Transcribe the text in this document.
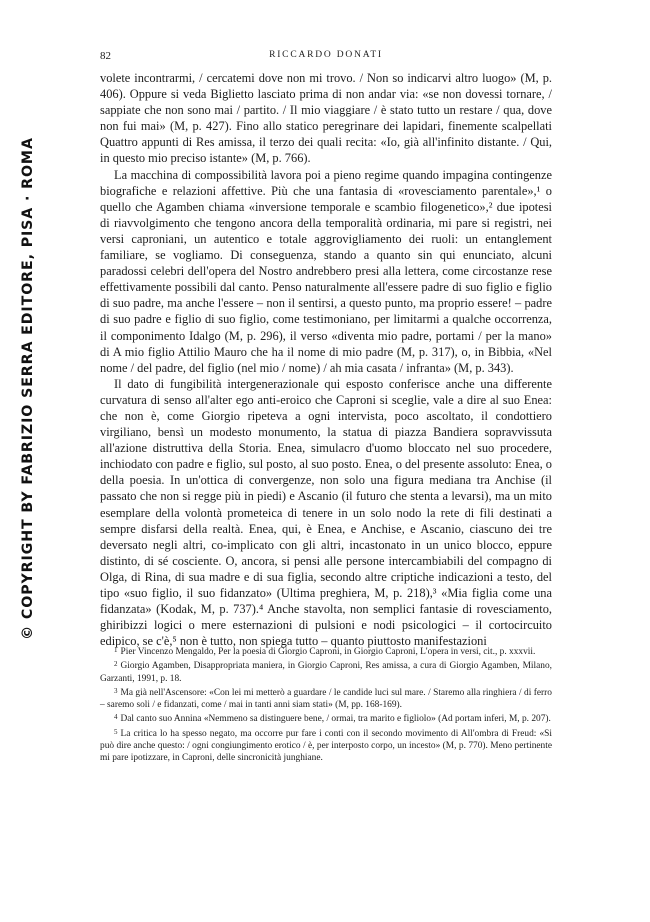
82	RICCARDO DONATI

volete incontrarmi, / cercatemi dove non mi trovo. / Non so indicarvi altro luogo» (M, p. 406). Oppure si veda Biglietto lasciato prima di non andar via: «se non dovessi tornare, / sappiate che non sono mai / partito. / Il mio viaggiare / è stato tutto un restare / qua, dove non fui mai» (M, p. 427). Fino allo statico peregrinare dei lapidari, finemente scalpellati Quattro appunti di Res amissa, il terzo dei quali recita: «Io, già all'infinito distante. / Qui, in questo mio preciso istante» (M, p. 766).

La macchina di compossibilità lavora poi a pieno regime quando impagina contingenze biografiche e relazioni affettive. Più che una fantasia di «rovesciamento parentale»,¹ o quello che Agamben chiama «inversione temporale e scambio filogenetico»,² due ipotesi di riavvolgimento che tengono ancora della temporalità ordinaria, mi pare si registri, nei versi caproniani, un autentico e totale aggrovigliamento dei ruoli: un entanglement familiare, se vogliamo. Di conseguenza, stando a quanto sin qui enunciato, alcuni paradossi celebri dell'opera del Nostro andrebbero presi alla lettera, come circostanze rese effettivamente possibili dal canto. Penso naturalmente all'essere padre di suo figlio e figlio di suo padre, ma anche l'essere – non il sentirsi, a questo punto, ma proprio essere! – padre di suo padre e figlio di suo figlio, come testimoniano, per limitarmi a qualche occorrenza, il componimento Idalgo (M, p. 296), il verso «diventa mio padre, portami / per la mano» di A mio figlio Attilio Mauro che ha il nome di mio padre (M, p. 317), o, in Bibbia, «Nel nome / del padre, del figlio (nel mio / nome) / ah mia casata / infranta» (M, p. 343).

Il dato di fungibilità intergenerazionale qui esposto conferisce anche una differente curvatura di senso all'alter ego anti-eroico che Caproni si sceglie, vale a dire al suo Enea: che non è, come Giorgio ripeteva a ogni intervista, poco ascoltato, il condottiero virgiliano, bensì un modesto monumento, la statua di piazza Bandiera sopravvissuta all'azione distruttiva della Storia. Enea, simulacro d'uomo bloccato nel suo procedere, inchiodato con padre e figlio, sul posto, al suo posto. Enea, o del presente assoluto: Enea, o della poesia. In un'ottica di convergenze, non solo una figura mediana tra Anchise (il passato che non si regge più in piedi) e Ascanio (il futuro che stenta a levarsi), ma un mito esemplare della volontà prometeica di tenere in un solo nodo la rete di fili destinati a sempre disfarsi della realtà. Enea, qui, è Enea, e Anchise, e Ascanio, ciascuno dei tre deversato negli altri, co-implicato con gli altri, incastonato in un unico blocco, eppure distinto, di sé cosciente. O, ancora, si pensi alle persone intercambiabili del compagno di Olga, di Rina, di sua madre e di sua figlia, secondo altre criptiche indicazioni a testo, del tipo «suo figlio, il suo fidanzato» (Ultima preghiera, M, p. 218),³ «Mia figlia come una fidanzata» (Kodak, M, p. 737).⁴ Anche stavolta, non semplici fantasie di rovesciamento, ghiribizzi logici o mere esternazioni di pulsioni e nodi psicologici – il cortocircuito edipico, se c'è,⁵ non è tutto, non spiega tutto – quanto piuttosto manifestazioni

$^1$ Pier Vincenzo Mengaldo, Per la poesia di Giorgio Caproni, in Giorgio Caproni, L'opera in versi, cit., p. xxxvii.

$^2$ Giorgio Agamben, Disappropriata maniera, in Giorgio Caproni, Res amissa, a cura di Giorgio Agamben, Milano, Garzanti, 1991, p. 18.

$^3$ Ma già nell'Ascensore: «Con lei mi metterò a guardare / le candide luci sul mare. / Staremo alla ringhiera / di ferro – saremo soli / e fidanzati, come / mai in tanti anni siam stati» (M, pp. 168-169).

$^4$ Dal canto suo Annina «Nemmeno sa distinguere bene, / ormai, tra marito e figliolo» (Ad portam inferi, M, p. 207).

$^5$ La critica lo ha spesso negato, ma occorre pur fare i conti con il secondo movimento di All'ombra di Freud: «Si può dire anche questo: / ogni congiungimento erotico / è, per interposto corpo, un incesto» (M, p. 770). Meno pertinente mi pare ipotizzare, in Caproni, delle sincronicità junghiane.

© COPYRIGHT BY FABRIZIO SERRA EDITORE, PISA · ROMA
